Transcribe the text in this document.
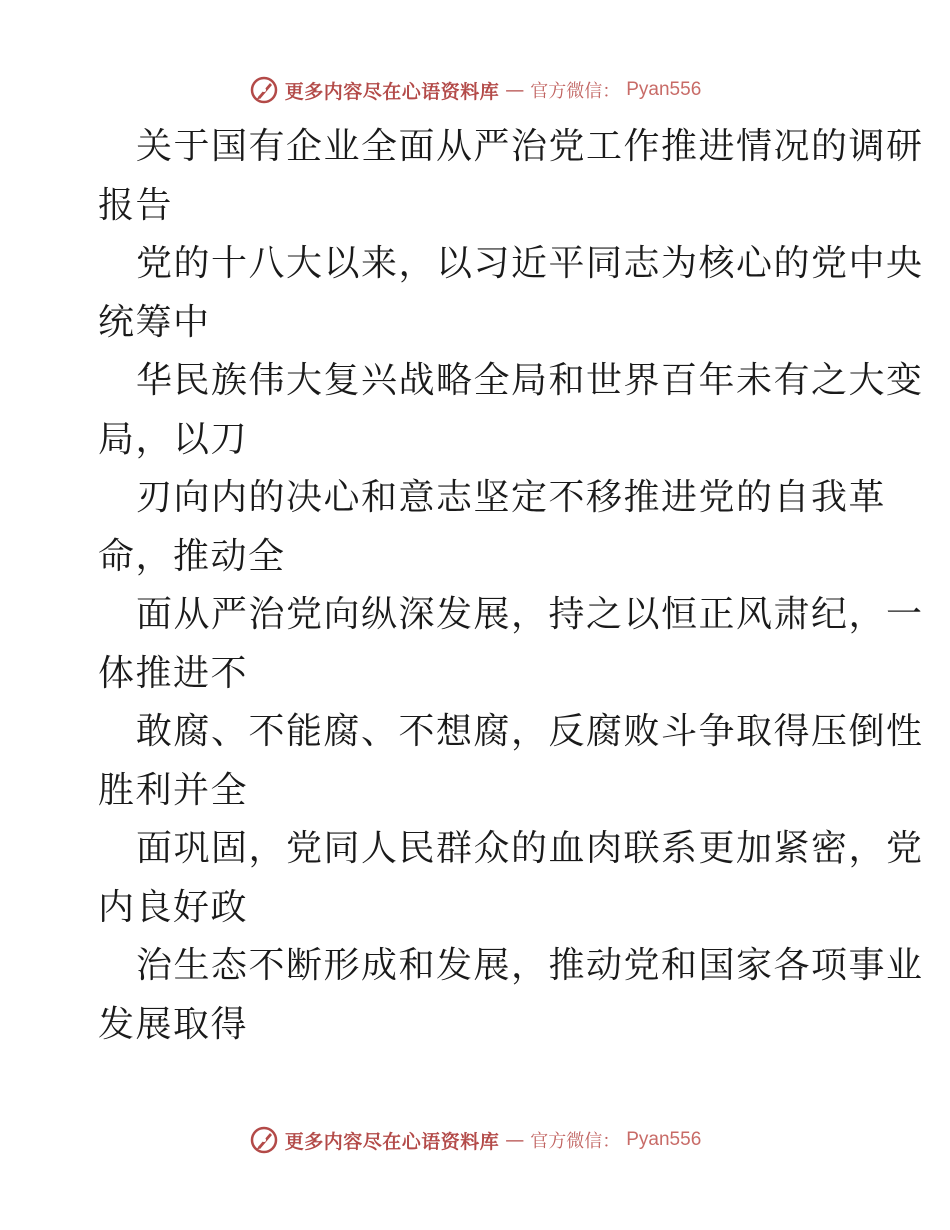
更多内容尽在心语资料库 — 官方微信： Pyan556
关于国有企业全面从严治党工作推进情况的调研
报告
党的十八大以来，以习近平同志为核心的党中央
统筹中
华民族伟大复兴战略全局和世界百年未有之大变
局，以刀
刃向内的决心和意志坚定不移推进党的自我革
命，推动全
面从严治党向纵深发展，持之以恒正风肃纪，一
体推进不
敢腐、不能腐、不想腐，反腐败斗争取得压倒性
胜利并全
面巩固，党同人民群众的血肉联系更加紧密，党
内良好政
治生态不断形成和发展，推动党和国家各项事业
发展取得
更多内容尽在心语资料库 — 官方微信： Pyan556
